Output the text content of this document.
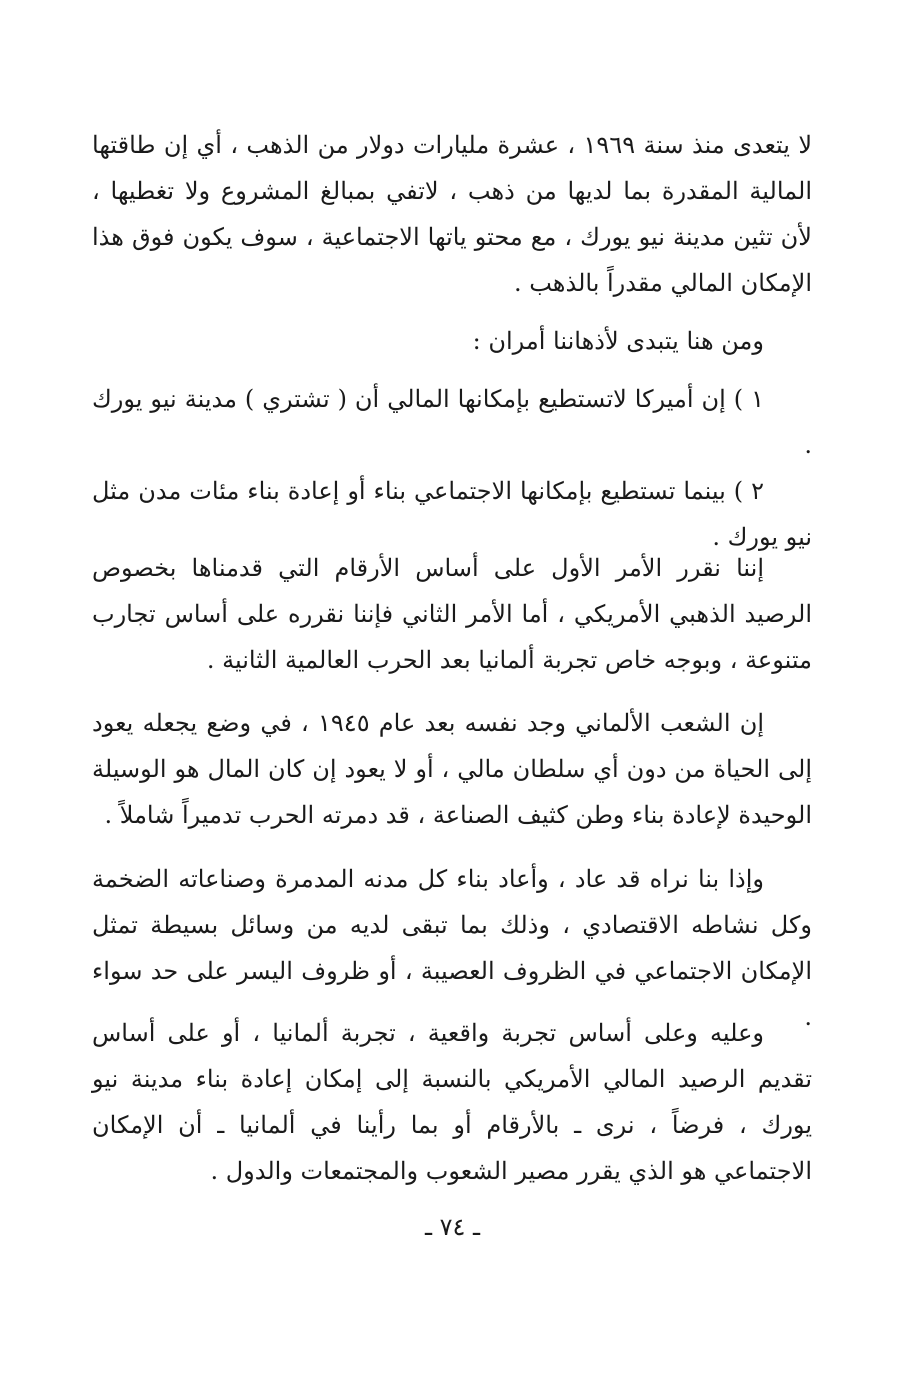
لا يتعدى منذ سنة ١٩٦٩ ، عشرة مليارات دولار من الذهب ، أي إن طاقتها المالية المقدرة بما لديها من ذهب ، لاتفي بمبالغ المشروع ولا تغطيها ، لأن تثين مدينة نيو يورك ، مع محتو ياتها الاجتماعية ، سوف يكون فوق هذا الإمكان المالي مقدراً بالذهب .

ومن هنا يتبدى لأذهاننا أمران :

١ ) إن أميركا لاتستطيع بإمكانها المالي أن ( تشتري ) مدينة نيو يورك .

٢ ) بينما تستطيع بإمكانها الاجتماعي بناء أو إعادة بناء مئات مدن مثل نيو يورك .

إننا نقرر الأمر الأول على أساس الأرقام التي قدمناها بخصوص الرصيد الذهبي الأمريكي ، أما الأمر الثاني فإننا نقرره على أساس تجارب متنوعة ، وبوجه خاص تجربة ألمانيا بعد الحرب العالمية الثانية .

إن الشعب الألماني وجد نفسه بعد عام ١٩٤٥ ، في وضع يجعله يعود إلى الحياة من دون أي سلطان مالي ، أو لا يعود إن كان المال هو الوسيلة الوحيدة لإعادة بناء وطن كثيف الصناعة ، قد دمرته الحرب تدميراً شاملاً .

وإذا بنا نراه قد عاد ، وأعاد بناء كل مدنه المدمرة وصناعاته الضخمة وكل نشاطه الاقتصادي ، وذلك بما تبقى لديه من وسائل بسيطة تمثل الإمكان الاجتماعي في الظروف العصيبة ، أو ظروف اليسر على حد سواء .

وعليه وعلى أساس تجربة واقعية ، تجربة ألمانيا ، أو على أساس تقديم الرصيد المالي الأمريكي بالنسبة إلى إمكان إعادة بناء مدينة نيو يورك ، فرضاً ، نرى ـ بالأرقام أو بما رأينا في ألمانيا ـ أن الإمكان الاجتماعي هو الذي يقرر مصير الشعوب والمجتمعات والدول .

ـ ٧٤ ـ
